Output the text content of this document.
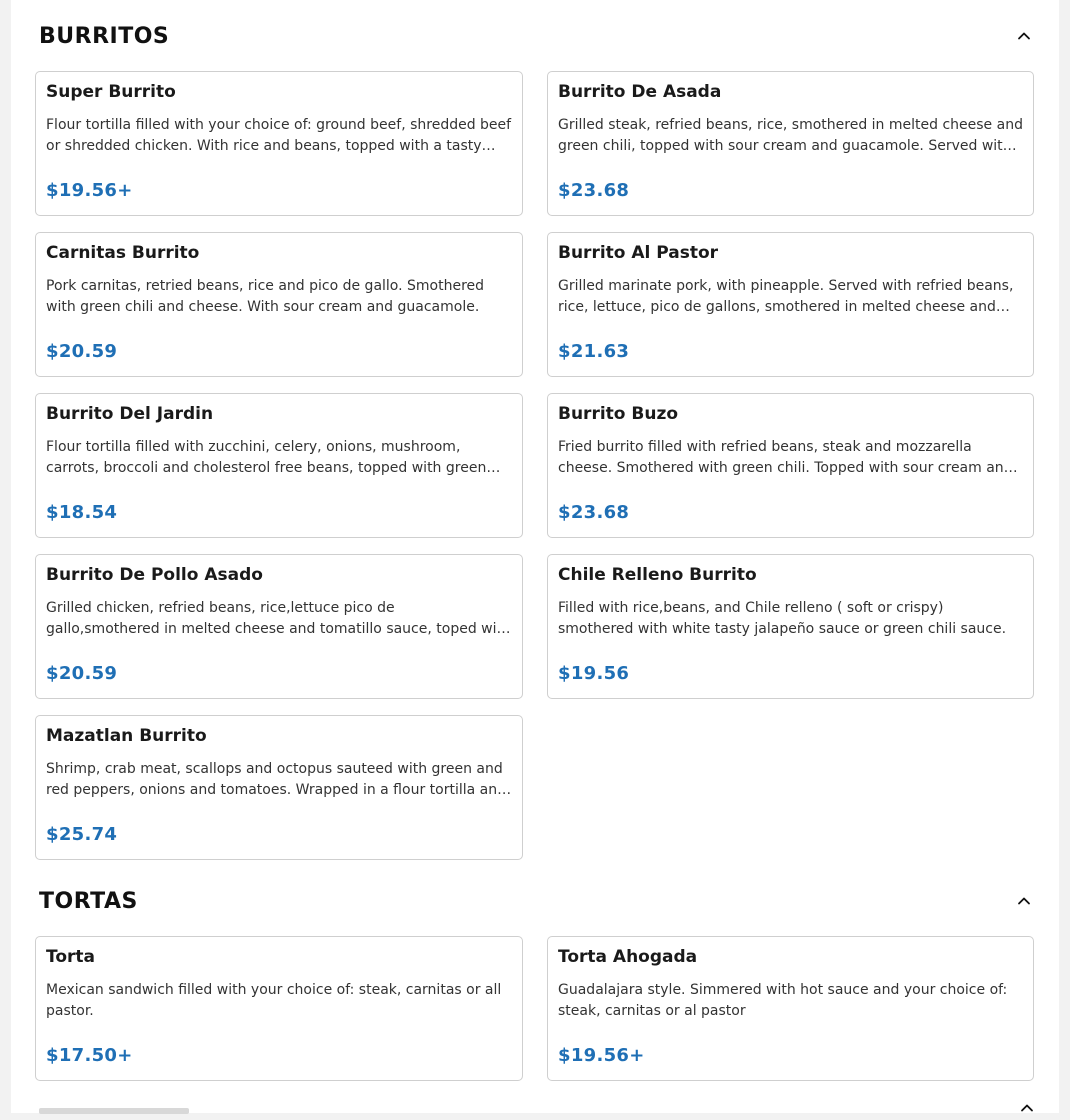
BURRITOS
Super Burrito
Flour tortilla filled with your choice of: ground beef, shredded beef or shredded chicken. With rice and beans, topped with a tasty…
$19.56+
Burrito De Asada
Grilled steak, refried beans, rice, smothered in melted cheese and green chili, topped with sour cream and guacamole. Served wit…
$23.68
Carnitas Burrito
Pork carnitas, retried beans, rice and pico de gallo. Smothered with green chili and cheese. With sour cream and guacamole.
$20.59
Burrito Al Pastor
Grilled marinate pork, with pineapple. Served with refried beans, rice, lettuce, pico de gallons, smothered in melted cheese and…
$21.63
Burrito Del Jardin
Flour tortilla filled with zucchini, celery, onions, mushroom, carrots, broccoli and cholesterol free beans, topped with green…
$18.54
Burrito Buzo
Fried burrito filled with refried beans, steak and mozzarella cheese. Smothered with green chili. Topped with sour cream an…
$23.68
Burrito De Pollo Asado
Grilled chicken, refried beans, rice,lettuce pico de gallo,smothered in melted cheese and tomatillo sauce, toped wi…
$20.59
Chile Relleno Burrito
Filled with rice,beans, and Chile relleno ( soft or crispy) smothered with white tasty jalapeño sauce or green chili sauce.
$19.56
Mazatlan Burrito
Shrimp, crab meat, scallops and octopus sauteed with green and red peppers, onions and tomatoes. Wrapped in a flour tortilla an…
$25.74
TORTAS
Torta
Mexican sandwich filled with your choice of: steak, carnitas or all pastor.
$17.50+
Torta Ahogada
Guadalajara style. Simmered with hot sauce and your choice of: steak, carnitas or al pastor
$19.56+
